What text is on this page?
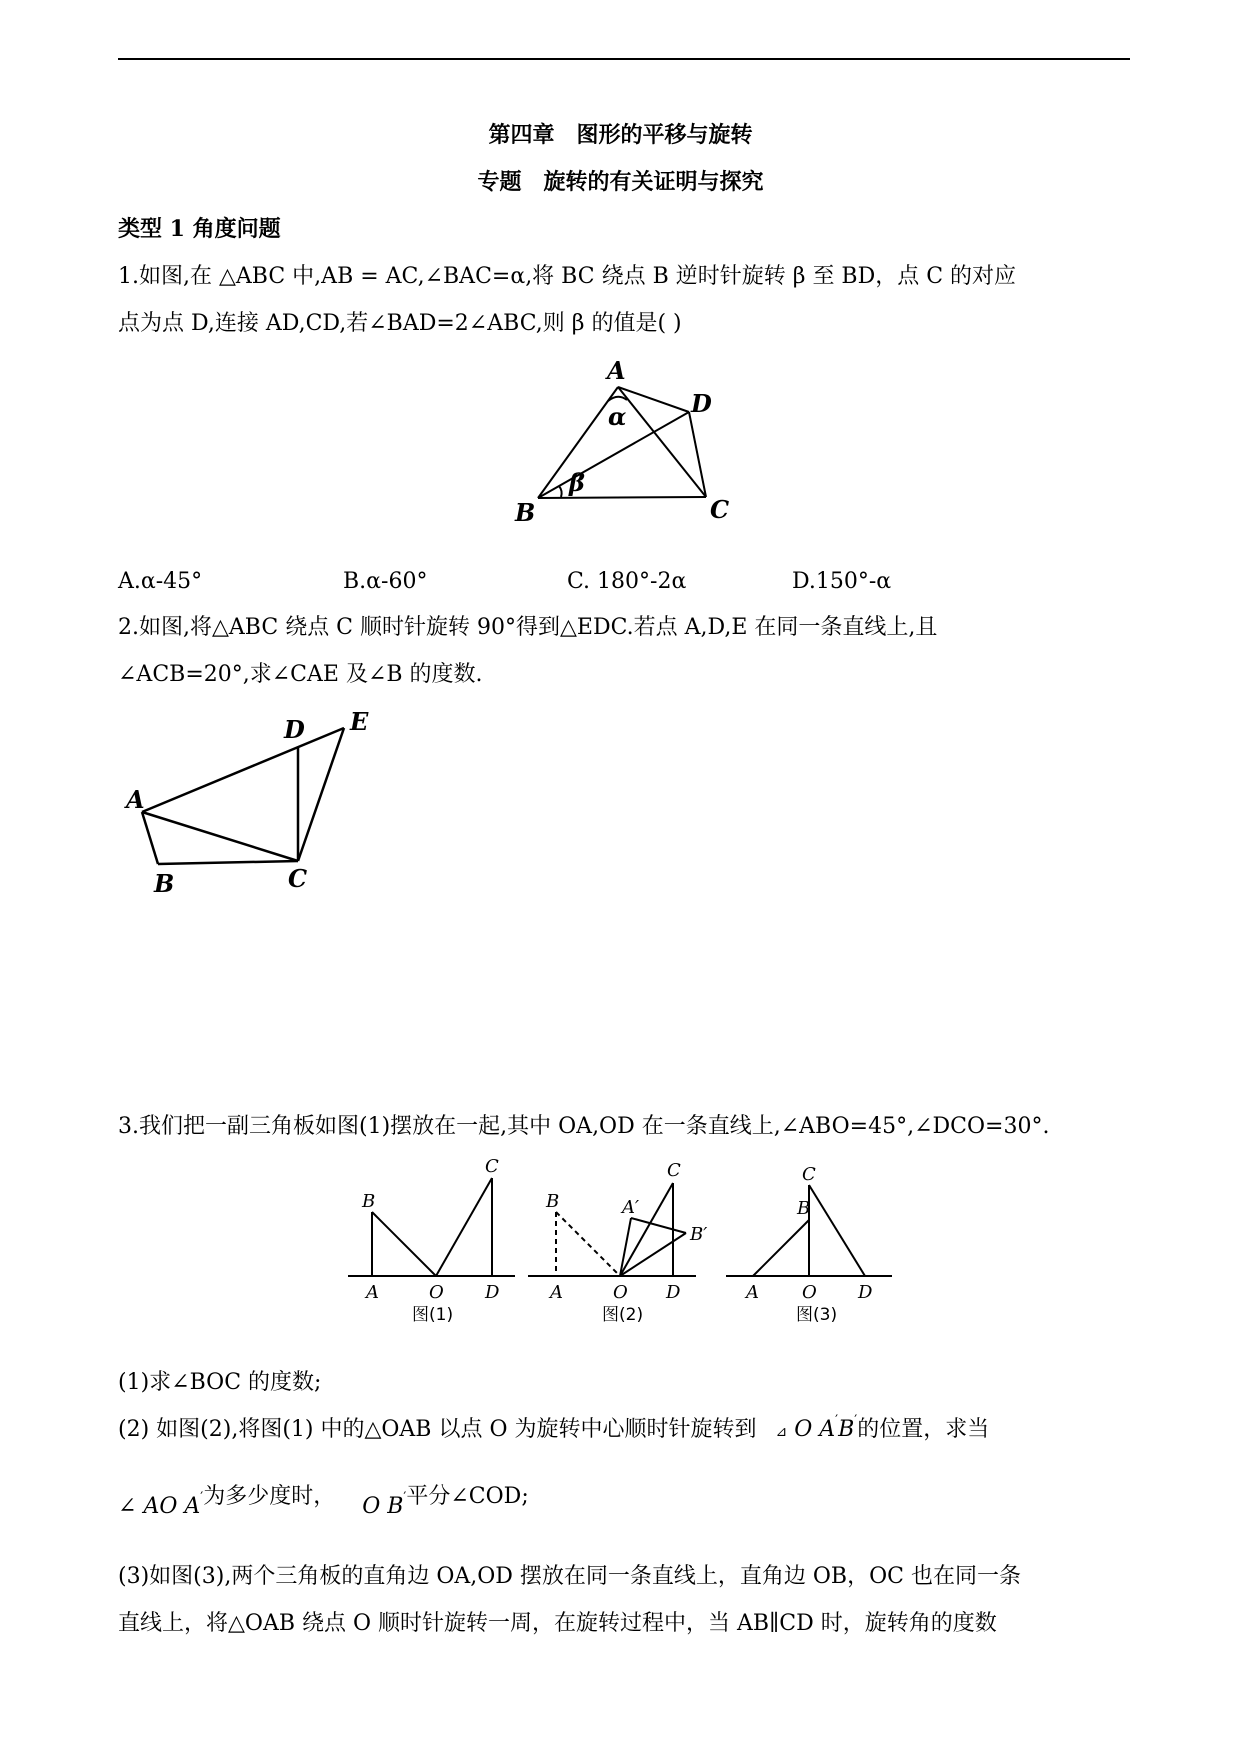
第四章　图形的平移与旋转
专题　旋转的有关证明与探究
类型 1 角度问题
1.如图,在 △ABC 中,AB = AC,∠BAC=α,将 BC 绕点 B 逆时针旋转 β 至 BD，点 C 的对应
点为点 D,连接 AD,CD,若∠BAD=2∠ABC,则 β 的值是( )
A
B	C
D
α
β
A.α-45°	B.α-60°	C. 180°-2α	D.150°-α
2.如图,将△ABC 绕点 C 顺时针旋转 90°得到△EDC.若点 A,D,E 在同一条直线上,且
∠ACB=20°,求∠CAE 及∠B 的度数.
A
B	C
D E
3.我们把一副三角板如图(1)摆放在一起,其中 OA,OD 在一条直线上,∠ABO=45°,∠DCO=30°.
B
A	O D
C
图(1)
B
A	O D
C
A′
B′
图(2)
B
C
A O D
图(3)
(1)求∠BOC 的度数;
(2) 如图(2),将图(1) 中的△OAB 以点 O 为旋转中心顺时针旋转到 ⊿ O A′B′的位置，求当
∠ AO A′为多少度时， O B′平分∠COD;
(3)如图(3),两个三角板的直角边 OA,OD 摆放在同一条直线上，直角边 OB，OC 也在同一条
直线上，将△OAB 绕点 O 顺时针旋转一周，在旋转过程中，当 AB∥CD 时，旋转角的度数
